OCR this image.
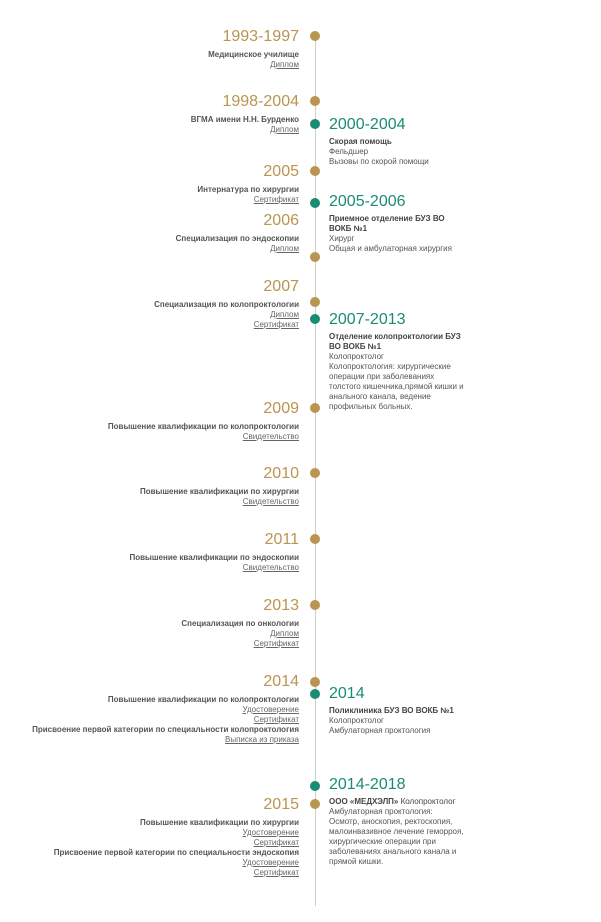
1993-1997
Медицинское училище
Диплом
1998-2004
ВГМА имени Н.Н. Бурденко
Диплом
2005
Интернатура по хирургии
Сертификат
2006
Специализация по эндоскопии
Диплом
2007
Специализация по колопроктологии
Диплом
Сертификат
2009
Повышение квалификации по колопроктологии
Свидетельство
2010
Повышение квалификации по хирургии
Свидетельство
2011
Повышение квалификации по эндоскопии
Свидетельство
2013
Специализация по онкологии
Диплом
Сертификат
2014
Повышение квалификации по колопроктологии
Удостоверение
Сертификат
Присвоение первой категории по специальности колопроктология
Выписка из приказа
2015
Повышение квалификации по хирургии
Удостоверение
Сертификат
Присвоение первой категории по специальности эндоскопия
Удостоверение
Сертификат
2000-2004
Скорая помощь
Фельдшер
Вызовы по скорой помощи
2005-2006
Приемное отделение БУЗ ВО ВОКБ №1
Хирург
Общая и амбулаторная хирургия
2007-2013
Отделение колопроктологии БУЗ ВО ВОКБ №1
Колопроктолог
Колопроктология: хирургические операции при заболеваниях толстого кишечника,прямой кишки и анального канала, ведение профильных больных.
2014
Поликлиника БУЗ ВО ВОКБ №1
Колопроктолог
Амбулаторная проктология
2014-2018
ООО «МЕДХЭЛП» Колопроктолог
Амбулаторная проктология:
Осмотр, аноскопия, ректоскопия, малоинвазивное лечение геморроя, хирургические операции при заболеваниях анального канала и прямой кишки.
